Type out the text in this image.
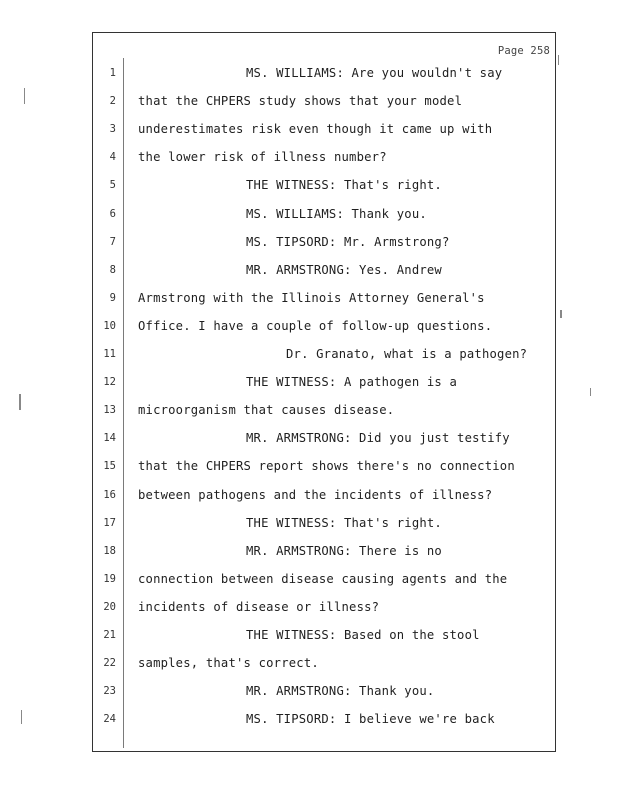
Page 258
1	MS. WILLIAMS: Are you wouldn't say
2 that the CHPERS study shows that your model
3 underestimates risk even though it came up with
4 the lower risk of illness number?
5	THE WITNESS: That's right.
6	MS. WILLIAMS: Thank you.
7	MS. TIPSORD: Mr. Armstrong?
8	MR. ARMSTRONG: Yes. Andrew
9 Armstrong with the Illinois Attorney General's
10 Office. I have a couple of follow-up questions.
11	Dr. Granato, what is a pathogen?
12	THE WITNESS: A pathogen is a
13 microorganism that causes disease.
14	MR. ARMSTRONG: Did you just testify
15 that the CHPERS report shows there's no connection
16 between pathogens and the incidents of illness?
17	THE WITNESS: That's right.
18	MR. ARMSTRONG: There is no
19 connection between disease causing agents and the
20 incidents of disease or illness?
21	THE WITNESS: Based on the stool
22 samples, that's correct.
23	MR. ARMSTRONG: Thank you.
24	MS. TIPSORD: I believe we're back
